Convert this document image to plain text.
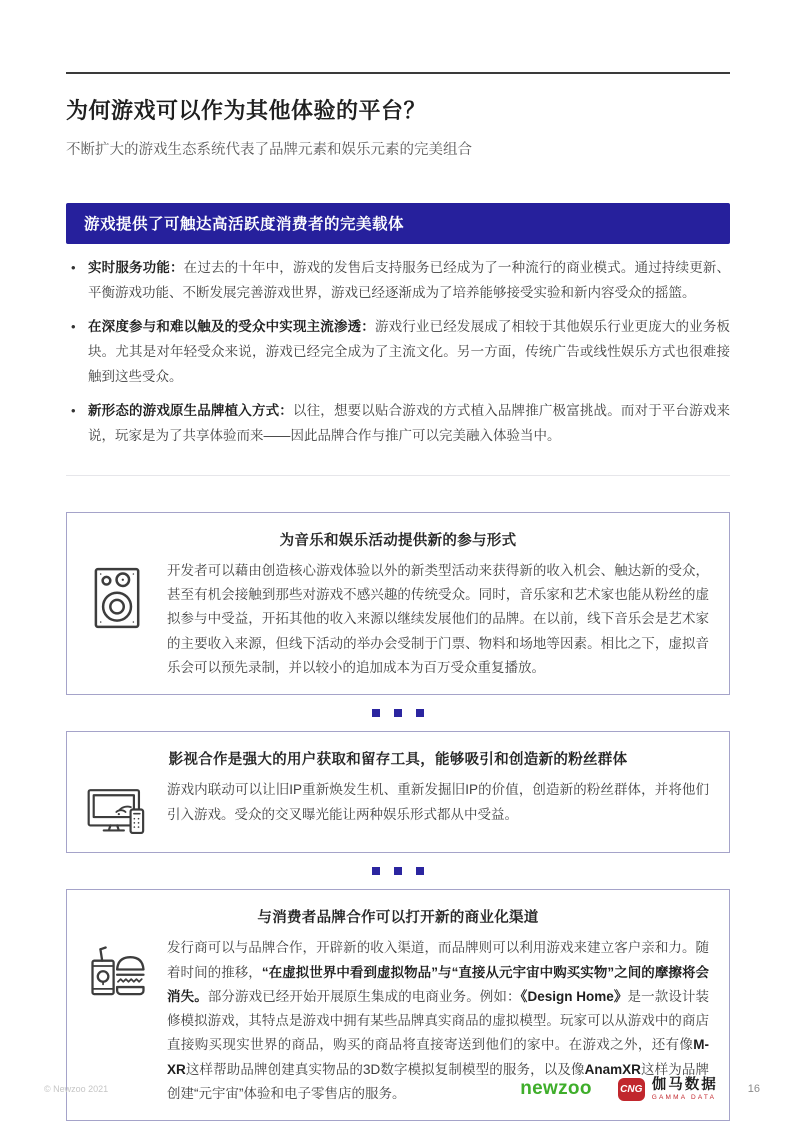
为何游戏可以作为其他体验的平台？

不断扩大的游戏生态系统代表了品牌元素和娱乐元素的完美组合

游戏提供了可触达高活跃度消费者的完美载体
• 实时服务功能：在过去的十年中，游戏的发售后支持服务已经成为了一种流行的商业模式。通过持续更新、平衡游戏功能、不断发展完善游戏世界，游戏已经逐渐成为了培养能够接受实验和新内容受众的摇篮。
• 在深度参与和难以触及的受众中实现主流渗透：游戏行业已经发展成了相较于其他娱乐行业更庞大的业务板块。尤其是对年轻受众来说，游戏已经完全成为了主流文化。另一方面，传统广告或线性娱乐方式也很难接触到这些受众。
• 新形态的游戏原生品牌植入方式：以往，想要以贴合游戏的方式植入品牌推广极富挑战。而对于平台游戏来说，玩家是为了共享体验而来——因此品牌合作与推广可以完美融入体验当中。
为音乐和娱乐活动提供新的参与形式

开发者可以藉由创造核心游戏体验以外的新类型活动来获得新的收入机会、触达新的受众，甚至有机会接触到那些对游戏不感兴趣的传统受众。同时，音乐家和艺术家也能从粉丝的虚拟参与中受益，开拓其他的收入来源以继续发展他们的品牌。在以前，线下音乐会是艺术家的主要收入来源，但线下活动的举办会受制于门票、物料和场地等因素。相比之下，虚拟音乐会可以预先录制，并以较小的追加成本为百万受众重复播放。

影视合作是强大的用户获取和留存工具，能够吸引和创造新的粉丝群体

游戏内联动可以让旧IP重新焕发生机、重新发掘旧IP的价值，创造新的粉丝群体，并将他们引入游戏。受众的交叉曝光能让两种娱乐形式都从中受益。

与消费者品牌合作可以打开新的商业化渠道

发行商可以与品牌合作，开辟新的收入渠道，而品牌则可以利用游戏来建立客户亲和力。随着时间的推移，“在虚拟世界中看到虚拟物品”与“直接从元宇宙中购买实物”之间的摩擦将会消失。部分游戏已经开始开展原生集成的电商业务。例如：《Design Home》是一款设计装修模拟游戏，其特点是游戏中拥有某些品牌真实商品的虚拟模型。玩家可以从游戏中的商店直接购买现实世界的商品，购买的商品将直接寄送到他们的家中。在游戏之外，还有像M-XR这样帮助品牌创建真实物品的3D数字模拟复制模型的服务，以及像AnamXR这样为品牌创建“元宇宙”体验和电子零售店的服务。

© Newzoo 2021	newzoo	CNG 伽马数据
GAMMA DATA
16
